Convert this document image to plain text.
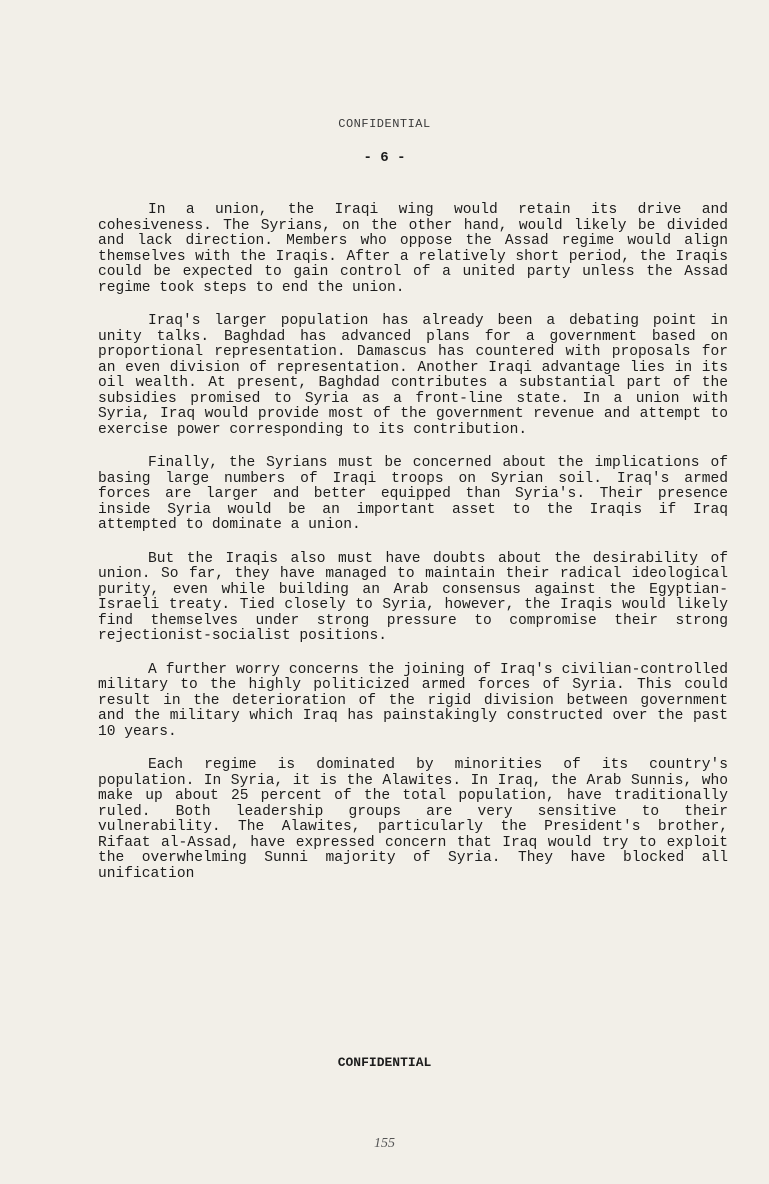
CONFIDENTIAL
- 6 -

In a union, the Iraqi wing would retain its drive and cohesiveness. The Syrians, on the other hand, would likely be divided and lack direction. Members who oppose the Assad regime would align themselves with the Iraqis. After a relatively short period, the Iraqis could be expected to gain control of a united party unless the Assad regime took steps to end the union.

Iraq's larger population has already been a debating point in unity talks. Baghdad has advanced plans for a government based on proportional representation. Damascus has countered with proposals for an even division of representation. Another Iraqi advantage lies in its oil wealth. At present, Baghdad contributes a substantial part of the subsidies promised to Syria as a front-line state. In a union with Syria, Iraq would provide most of the government revenue and attempt to exercise power corresponding to its contribution.

Finally, the Syrians must be concerned about the implications of basing large numbers of Iraqi troops on Syrian soil. Iraq's armed forces are larger and better equipped than Syria's. Their presence inside Syria would be an important asset to the Iraqis if Iraq attempted to dominate a union.

But the Iraqis also must have doubts about the desirability of union. So far, they have managed to maintain their radical ideological purity, even while building an Arab consensus against the Egyptian-Israeli treaty. Tied closely to Syria, however, the Iraqis would likely find themselves under strong pressure to compromise their strong rejectionist-socialist positions.

A further worry concerns the joining of Iraq's civilian-controlled military to the highly politicized armed forces of Syria. This could result in the deterioration of the rigid division between government and the military which Iraq has painstakingly constructed over the past 10 years.

Each regime is dominated by minorities of its country's population. In Syria, it is the Alawites. In Iraq, the Arab Sunnis, who make up about 25 percent of the total population, have traditionally ruled. Both leadership groups are very sensitive to their vulnerability. The Alawites, particularly the President's brother, Rifaat al-Assad, have expressed concern that Iraq would try to exploit the overwhelming Sunni majority of Syria. They have blocked all unification

CONFIDENTIAL
155
